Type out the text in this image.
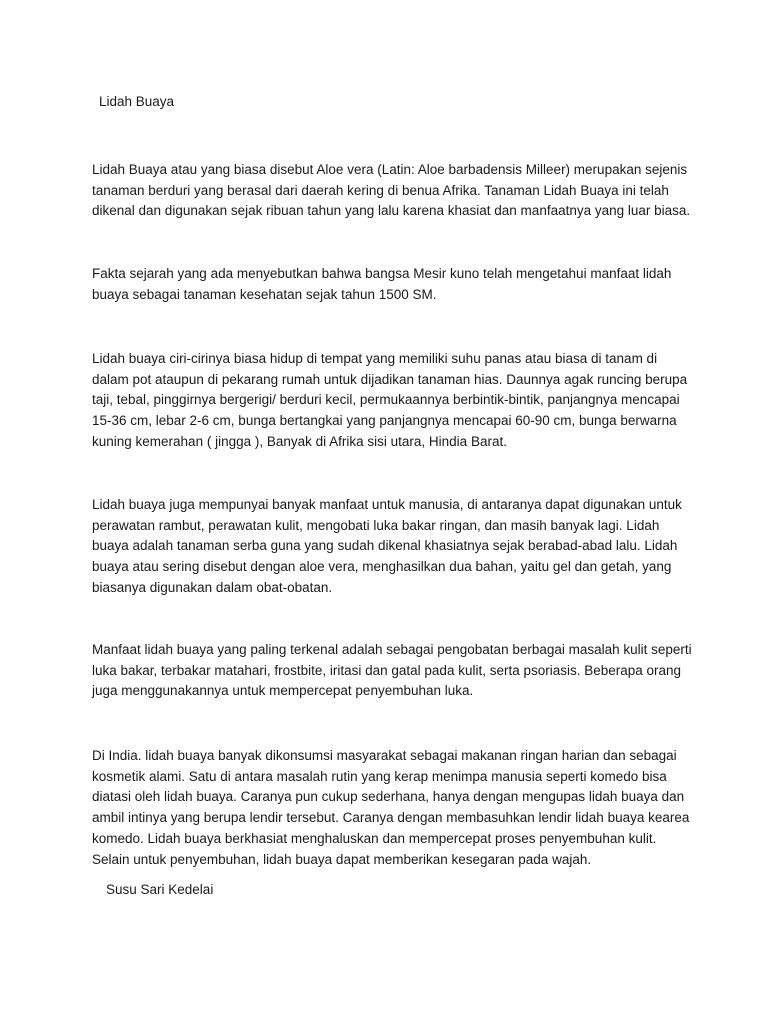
Lidah Buaya

Lidah Buaya atau yang biasa disebut Aloe vera (Latin: Aloe barbadensis Milleer) merupakan sejenis tanaman berduri yang berasal dari daerah kering di benua Afrika. Tanaman Lidah Buaya ini telah dikenal dan digunakan sejak ribuan tahun yang lalu karena khasiat dan manfaatnya yang luar biasa.

Fakta sejarah yang ada menyebutkan bahwa bangsa Mesir kuno telah mengetahui manfaat lidah buaya sebagai tanaman kesehatan sejak tahun 1500 SM.

Lidah buaya ciri-cirinya biasa hidup di tempat yang memiliki suhu panas atau biasa di tanam di dalam pot ataupun di pekarang rumah untuk dijadikan tanaman hias. Daunnya agak runcing berupa taji, tebal, pinggirnya bergerigi/ berduri kecil, permukaannya berbintik-bintik, panjangnya mencapai 15-36 cm, lebar 2-6 cm, bunga bertangkai yang panjangnya mencapai 60-90 cm, bunga berwarna kuning kemerahan ( jingga ), Banyak di Afrika sisi utara, Hindia Barat.

Lidah buaya juga mempunyai banyak manfaat untuk manusia, di antaranya dapat digunakan untuk perawatan rambut, perawatan kulit, mengobati luka bakar ringan, dan masih banyak lagi. Lidah buaya adalah tanaman serba guna yang sudah dikenal khasiatnya sejak berabad-abad lalu. Lidah buaya atau sering disebut dengan aloe vera, menghasilkan dua bahan, yaitu gel dan getah, yang biasanya digunakan dalam obat-obatan.

Manfaat lidah buaya yang paling terkenal adalah sebagai pengobatan berbagai masalah kulit seperti luka bakar, terbakar matahari, frostbite, iritasi dan gatal pada kulit, serta psoriasis. Beberapa orang juga menggunakannya untuk mempercepat penyembuhan luka.

Di India. lidah buaya banyak dikonsumsi masyarakat sebagai makanan ringan harian dan sebagai kosmetik alami. Satu di antara masalah rutin yang kerap menimpa manusia seperti komedo bisa diatasi oleh lidah buaya. Caranya pun cukup sederhana, hanya dengan mengupas lidah buaya dan ambil intinya yang berupa lendir tersebut. Caranya dengan membasuhkan lendir lidah buaya kearea komedo. Lidah buaya berkhasiat menghaluskan dan mempercepat proses penyembuhan kulit. Selain untuk penyembuhan, lidah buaya dapat memberikan kesegaran pada wajah.

Susu Sari Kedelai
